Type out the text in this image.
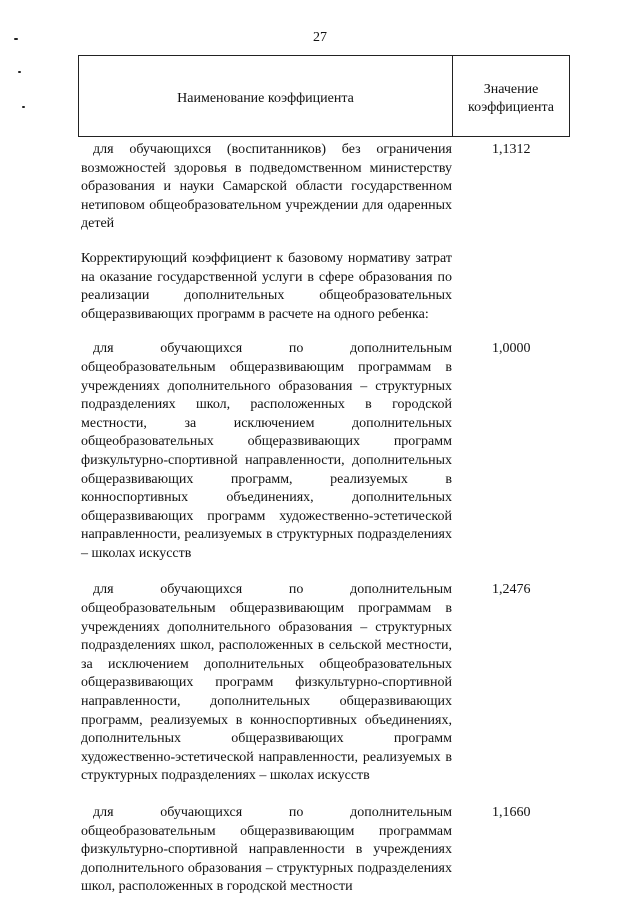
27
Наименование коэффициента
Значение
коэффициента
для обучающихся (воспитанников) без ограничения возможностей здоровья в подведомственном министерству образования и науки Самарской области государственном нетиповом общеобразовательном учреждении для одаренных детей
1,1312
Корректирующий коэффициент к базовому нормативу затрат на оказание государственной услуги в сфере образования по реализации дополнительных общеобразовательных общеразвивающих программ в расчете на одного ребенка:
для обучающихся по дополнительным общеобразовательным общеразвивающим программам в учреждениях дополнительного образования – структурных подразделениях школ, расположенных в городской местности, за исключением дополнительных общеобразовательных общеразвивающих программ физкультурно-спортивной направленности, дополнительных общеразвивающих программ, реализуемых в конноспортивных объединениях, дополнительных общеразвивающих программ художественно-эстетической направленности, реализуемых в структурных подразделениях – школах искусств
1,0000
для обучающихся по дополнительным общеобразовательным общеразвивающим программам в учреждениях дополнительного образования – структурных подразделениях школ, расположенных в сельской местности, за исключением дополнительных общеобразовательных общеразвивающих программ физкультурно-спортивной направленности, дополнительных общеразвивающих программ, реализуемых в конноспортивных объединениях, дополнительных общеразвивающих программ художественно-эстетической направленности, реализуемых в структурных подразделениях – школах искусств
1,2476
для обучающихся по дополнительным общеобразовательным общеразвивающим программам физкультурно-спортивной направленности в учреждениях дополнительного образования – структурных подразделениях школ, расположенных в городской местности
1,1660
